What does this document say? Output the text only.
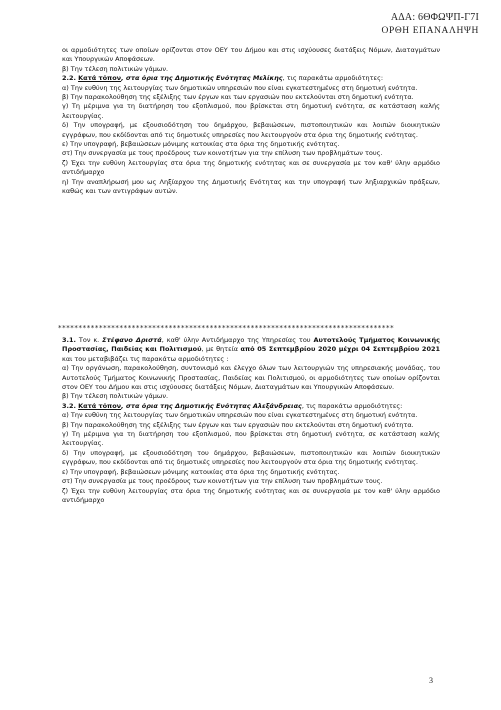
ΑΔΑ: 6ΘΦΩΨΠ-Γ7Ι
ΟΡΘΗ ΕΠΑΝΑΛΗΨΗ

οι αρμοδιότητες των οποίων ορίζονται στον ΟΕΥ του Δήμου και στις ισχύουσες διατάξεις Νόμων, Διαταγμάτων και Υπουργικών Αποφάσεων.

β) Την τέλεση πολιτικών γάμων.

2.2. Κατά τόπον, στα όρια της Δημοτικής Ενότητας Μελίκης, τις παρακάτω αρμοδιότητες:

α) Την ευθύνη της λειτουργίας των δημοτικών υπηρεσιών που είναι εγκατεστημένες στη δημοτική ενότητα.

β) Την παρακολούθηση της εξέλιξης των έργων και των εργασιών που εκτελούνται στη δημοτική ενότητα.

γ) Τη μέριμνα για τη διατήρηση του εξοπλισμού, που βρίσκεται στη δημοτική ενότητα, σε κατάσταση καλής λειτουργίας.

δ) Την υπογραφή, με εξουσιοδότηση του δημάρχου, βεβαιώσεων, πιστοποιητικών και λοιπών διοικητικών εγγράφων, που εκδίδονται από τις δημοτικές υπηρεσίες που λειτουργούν στα όρια της δημοτικής ενότητας.

ε) Την υπογραφή, βεβαιώσεων μόνιμης κατοικίας στα όρια της δημοτικής ενότητας.

στ) Την συνεργασία με τους προέδρους των κοινοτήτων για την επίλυση των προβλημάτων τους.

ζ) Έχει την ευθύνη λειτουργίας στα όρια της δημοτικής ενότητας και σε συνεργασία με τον καθ' ύλην αρμόδιο αντιδήμαρχο

η) Την αναπλήρωσή μου ως Ληξίαρχου της Δημοτικής Ενότητας και την υπογραφή των ληξιαρχικών πράξεων, καθώς και των αντιγράφων αυτών.

**********************************************************************************

3.1. Τον κ. Στέφανο Δριστά, καθ' ύλην Αντιδήμαρχο της Υπηρεσίας του Αυτοτελούς Τμήματος Κοινωνικής Προστασίας, Παιδείας και Πολιτισμού, με θητεία από 05 Σεπτεμβρίου 2020 μέχρι 04 Σεπτεμβρίου 2021 και του μεταβιβάζει τις παρακάτω αρμοδιότητες :

α) Την οργάνωση, παρακολούθηση, συντονισμό και έλεγχο όλων των λειτουργιών της υπηρεσιακής μονάδας, του Αυτοτελούς Τμήματος Κοινωνικής Προστασίας, Παιδείας και Πολιτισμού, οι αρμοδιότητες των οποίων ορίζονται στον ΟΕΥ του Δήμου και στις ισχύουσες διατάξεις Νόμων, Διαταγμάτων και Υπουργικών Αποφάσεων.

β) Την τέλεση πολιτικών γάμων.

3.2. Κατά τόπον, στα όρια της Δημοτικής Ενότητας Αλεξάνδρειας, τις παρακάτω αρμοδιότητες:

α) Την ευθύνη της λειτουργίας των δημοτικών υπηρεσιών που είναι εγκατεστημένες στη δημοτική ενότητα.

β) Την παρακολούθηση της εξέλιξης των έργων και των εργασιών που εκτελούνται στη δημοτική ενότητα.

γ) Τη μέριμνα για τη διατήρηση του εξοπλισμού, που βρίσκεται στη δημοτική ενότητα, σε κατάσταση καλής λειτουργίας.

δ) Την υπογραφή, με εξουσιοδότηση του δημάρχου, βεβαιώσεων, πιστοποιητικών και λοιπών διοικητικών εγγράφων, που εκδίδονται από τις δημοτικές υπηρεσίες που λειτουργούν στα όρια της δημοτικής ενότητας.

ε) Την υπογραφή, βεβαιώσεων μόνιμης κατοικίας στα όρια της δημοτικής ενότητας.

στ) Την συνεργασία με τους προέδρους των κοινοτήτων για την επίλυση των προβλημάτων τους.

ζ) Έχει την ευθύνη λειτουργίας στα όρια της δημοτικής ενότητας και σε συνεργασία με τον καθ' ύλην αρμόδιο αντιδήμαρχο

3
